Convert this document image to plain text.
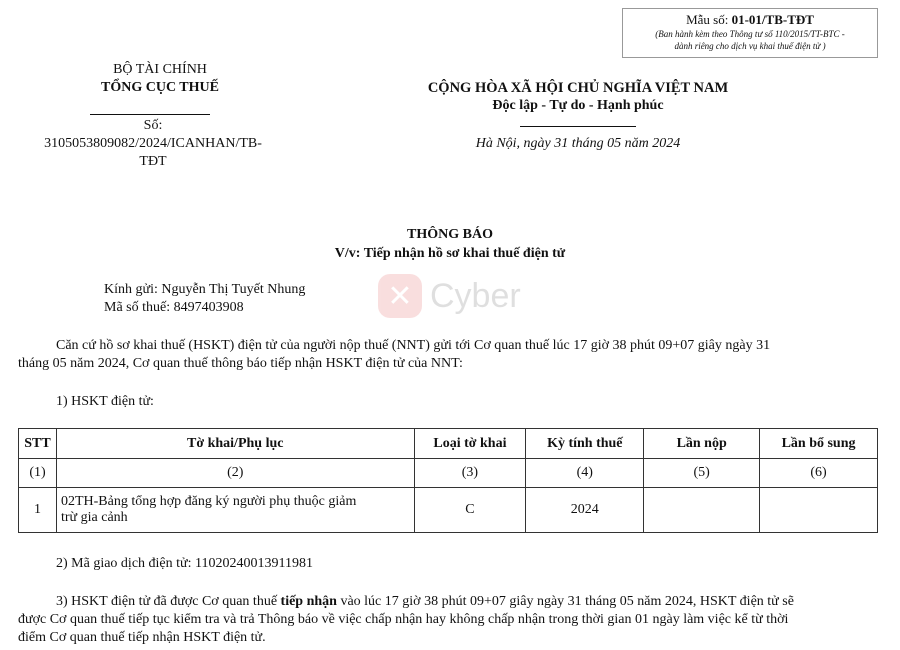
Mẫu số: 01-01/TB-TĐT
(Ban hành kèm theo Thông tư số 110/2015/TT-BTC -
dành riêng cho dịch vụ khai thuế điện tử )
BỘ TÀI CHÍNH
TỔNG CỤC THUẾ
Số:
3105053809082/2024/ICANHAN/TB-
TĐT
CỘNG HÒA XÃ HỘI CHỦ NGHĨA VIỆT NAM
Độc lập - Tự do - Hạnh phúc
Hà Nội, ngày 31 tháng 05 năm 2024
THÔNG BÁO
V/v: Tiếp nhận hồ sơ khai thuế điện tử
✕ Cyber
Kính gửi: Nguyễn Thị Tuyết Nhung
Mã số thuế: 8497403908
Căn cứ hồ sơ khai thuế (HSKT) điện tử của người nộp thuế (NNT) gửi tới Cơ quan thuế lúc 17 giờ 38 phút 09+07 giây ngày 31
tháng 05 năm 2024, Cơ quan thuế thông báo tiếp nhận HSKT điện tử của NNT:
1) HSKT điện tử:
STT	Tờ khai/Phụ lục	Loại tờ khai	Kỳ tính thuế	Lần nộp	Lần bổ sung
(1)	(2)	(3)	(4)	(5)	(6)
1	02TH-Bảng tổng hợp đăng ký người phụ thuộc giảm
trừ gia cảnh	C	2024		
2) Mã giao dịch điện tử: 11020240013911981
3) HSKT điện tử đã được Cơ quan thuế tiếp nhận vào lúc 17 giờ 38 phút 09+07 giây ngày 31 tháng 05 năm 2024, HSKT điện tử sẽ
được Cơ quan thuế tiếp tục kiểm tra và trả Thông báo về việc chấp nhận hay không chấp nhận trong thời gian 01 ngày làm việc kể từ thời
điểm Cơ quan thuế tiếp nhận HSKT điện tử.
